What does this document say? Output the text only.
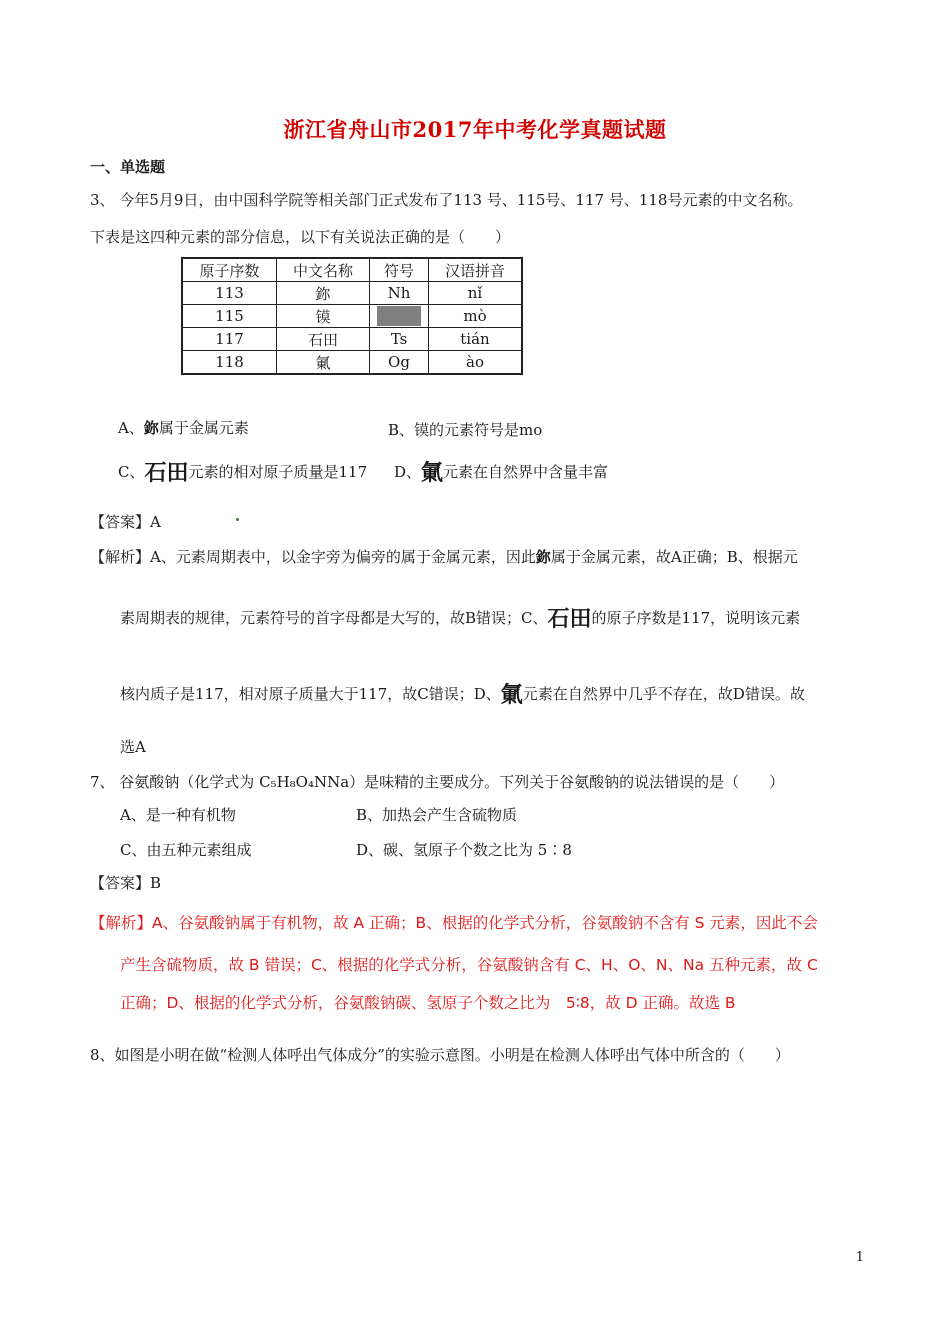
浙江省舟山市2017年中考化学真题试题
一、单选题
3、 今年5月9日，由中国科学院等相关部门正式发布了113 号、115号、117 号、118号元素的中文名称。
下表是这四种元素的部分信息，以下有关说法正确的是（　　）
原子序数	中文名称	符号	汉语拼音
113	鉨	Nh	nǐ
115	镆		mò
117	石田	Ts	tián
118	氭	Og	ào
A、鉨属于金属元素	B、镆的元素符号是mo
C、石田元素的相对原子质量是117 D、氭元素在自然界中含量丰富
【答案】A
【解析】A、元素周期表中，以金字旁为偏旁的属于金属元素，因此鉨属于金属元素，故A正确；B、根据元
素周期表的规律，元素符号的首字母都是大写的，故B错误；C、石田的原子序数是117，说明该元素
核内质子是117，相对原子质量大于117，故C错误；D、氭元素在自然界中几乎不存在，故D错误。故
选A
7、 谷氨酸钠（化学式为 C₅H₈O₄NNa）是味精的主要成分。下列关于谷氨酸钠的说法错误的是（　　）
A、是一种有机物	B、加热会产生含硫物质
C、由五种元素组成	D、碳、氢原子个数之比为 5∶8
【答案】B
【解析】A、谷氨酸钠属于有机物，故 A 正确；B、根据的化学式分析，谷氨酸钠不含有 S 元素，因此不会
产生含硫物质，故 B 错误；C、根据的化学式分析，谷氨酸钠含有 C、H、O、N、Na 五种元素，故 C
正确；D、根据的化学式分析，谷氨酸钠碳、氢原子个数之比为　5∶8，故 D 正确。故选 B
8、如图是小明在做“检测人体呼出气体成分”的实验示意图。小明是在检测人体呼出气体中所含的（　　）
1
